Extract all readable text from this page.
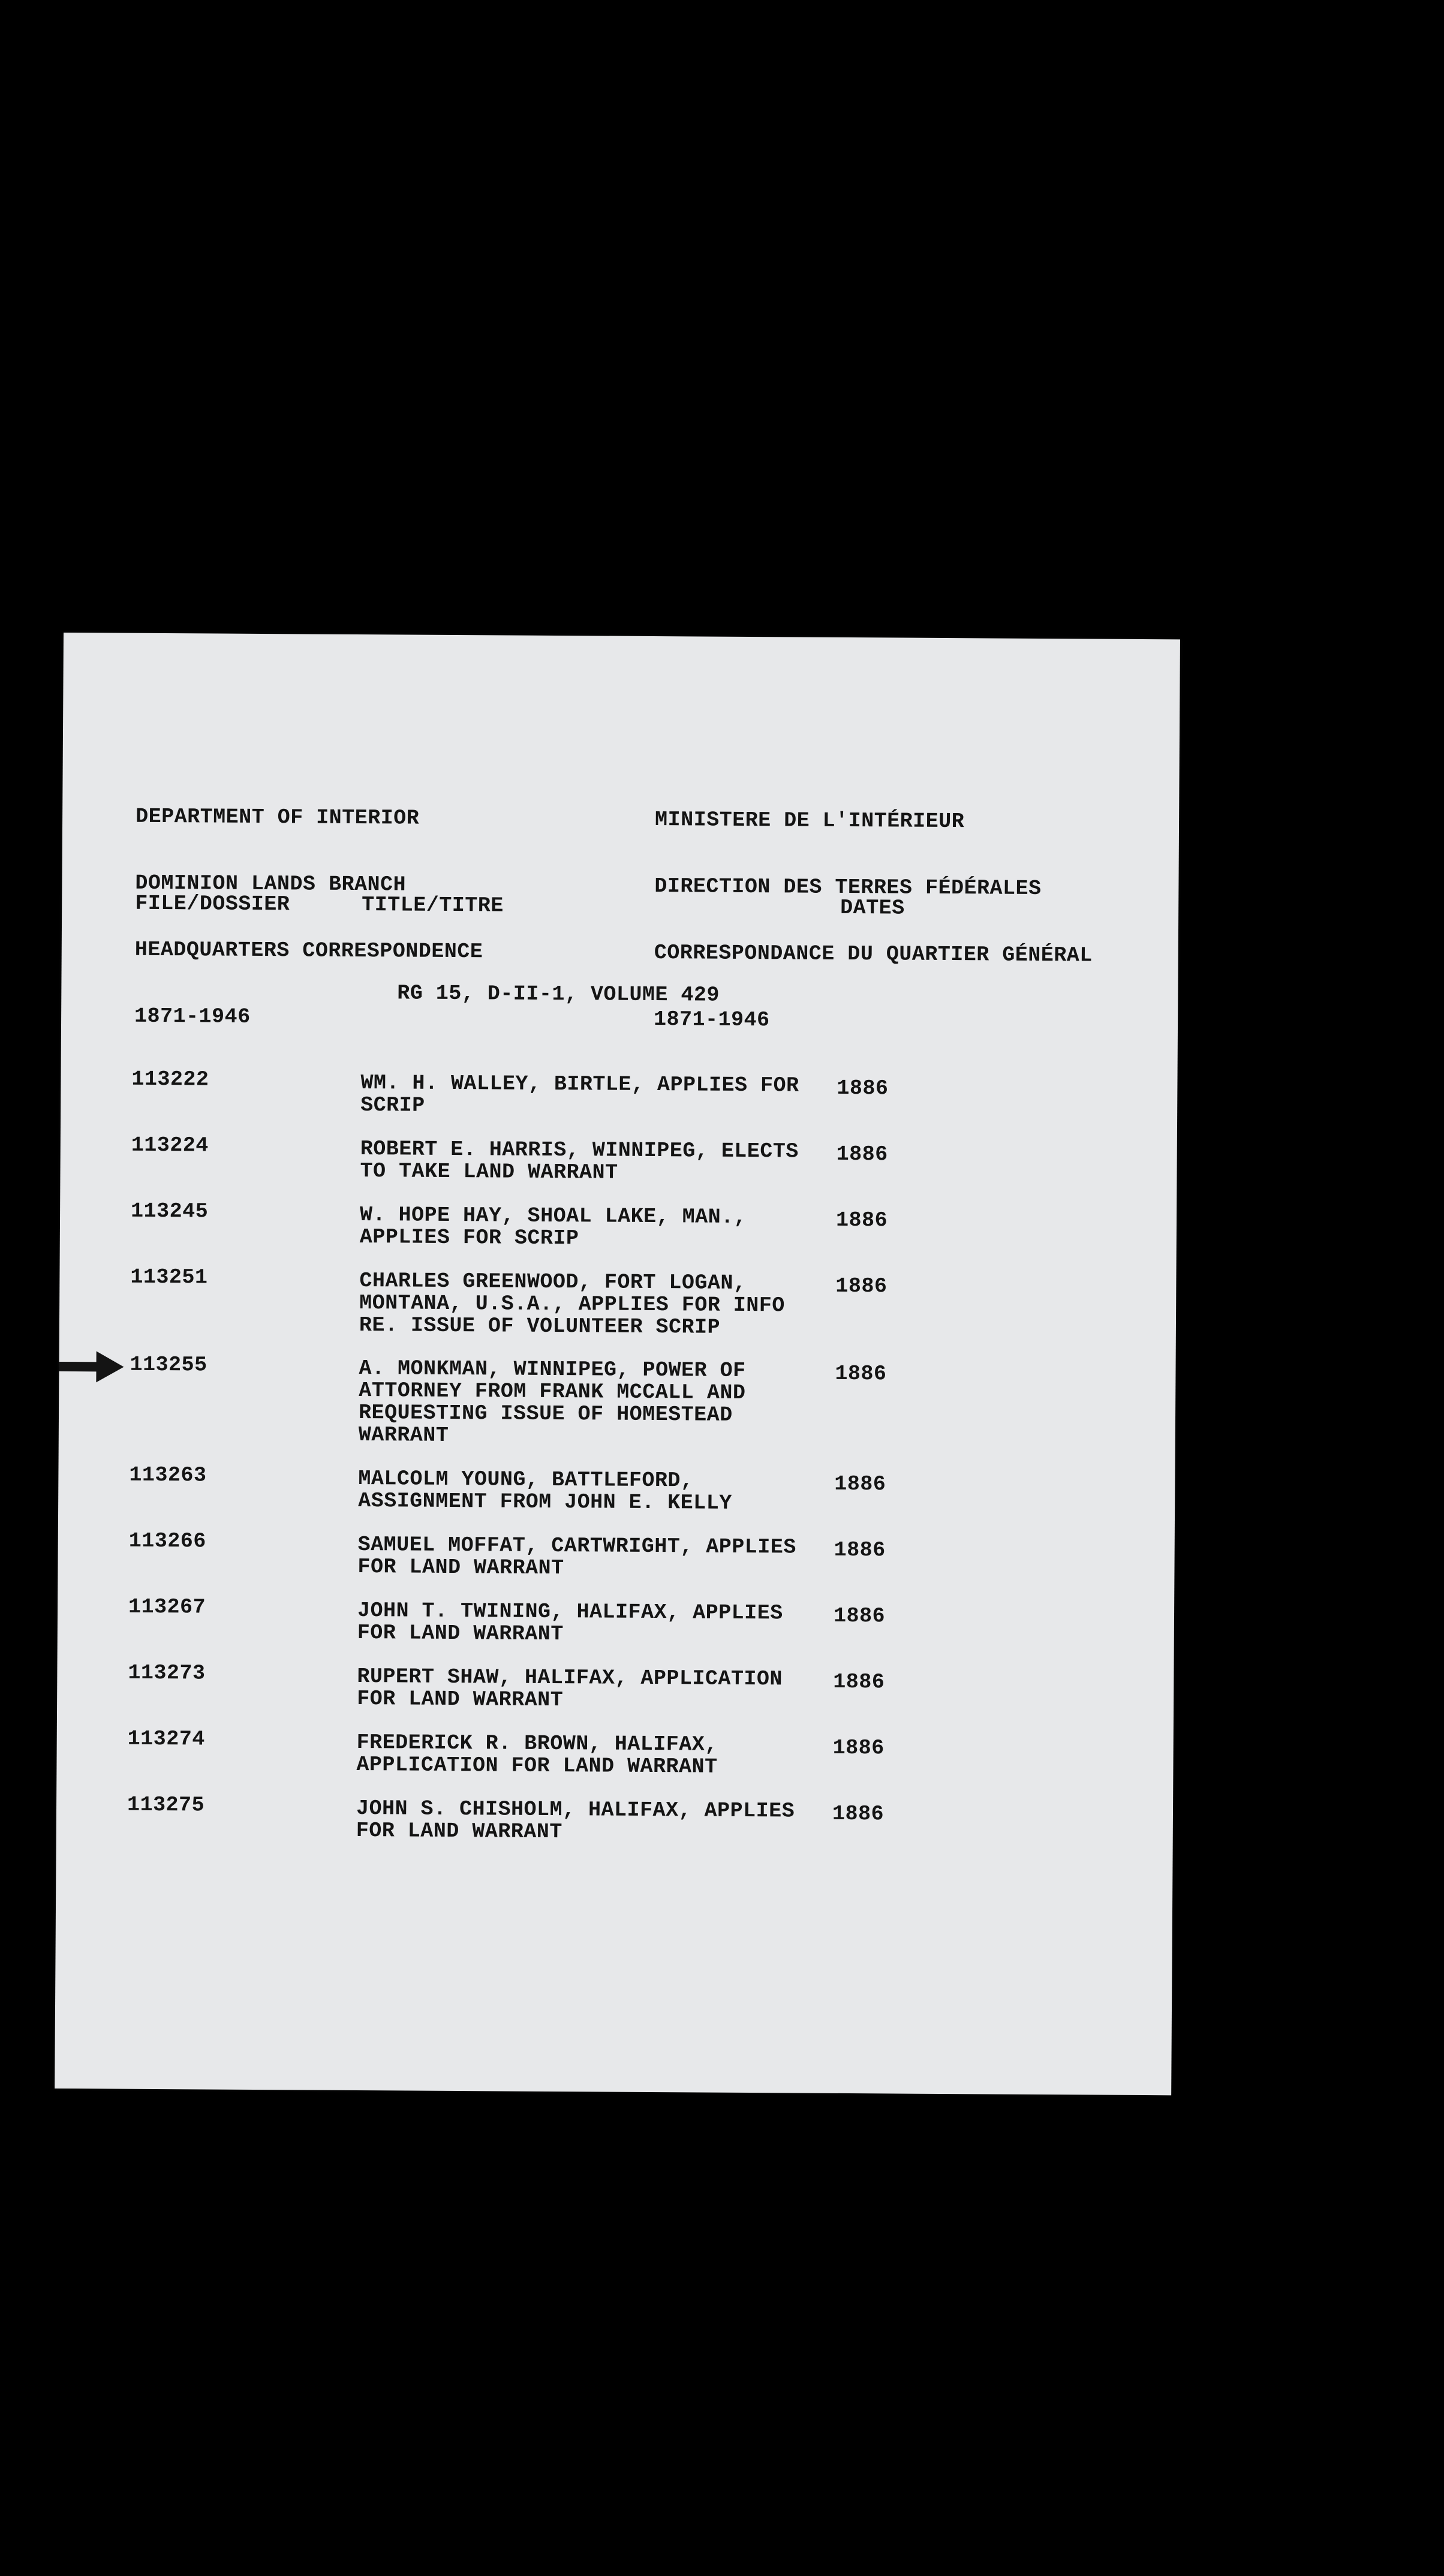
DEPARTMENT OF INTERIOR

DOMINION LANDS BRANCH

HEADQUARTERS CORRESPONDENCE

1871-1946

MINISTERE DE L'INTÉRIEUR

DIRECTION DES TERRES FÉDÉRALES

CORRESPONDANCE DU QUARTIER GÉNÉRAL

1871-1946

FILE/DOSSIER	TITLE/TITRE	DATES
RG 15, D-II-1, VOLUME 429
113222	WM. H. WALLEY, BIRTLE, APPLIES FOR
SCRIP
1886
113224	ROBERT E. HARRIS, WINNIPEG, ELECTS
TO TAKE LAND WARRANT
1886
113245	W. HOPE HAY, SHOAL LAKE, MAN.,
APPLIES FOR SCRIP
1886
113251	CHARLES GREENWOOD, FORT LOGAN,
MONTANA, U.S.A., APPLIES FOR INFO
RE. ISSUE OF VOLUNTEER SCRIP
1886
113255	A. MONKMAN, WINNIPEG, POWER OF
ATTORNEY FROM FRANK MCCALL AND
REQUESTING ISSUE OF HOMESTEAD
WARRANT
1886
113263	MALCOLM YOUNG, BATTLEFORD,
ASSIGNMENT FROM JOHN E. KELLY
1886
113266	SAMUEL MOFFAT, CARTWRIGHT, APPLIES
FOR LAND WARRANT
1886
113267	JOHN T. TWINING, HALIFAX, APPLIES
FOR LAND WARRANT
1886
113273	RUPERT SHAW, HALIFAX, APPLICATION
FOR LAND WARRANT
1886
113274	FREDERICK R. BROWN, HALIFAX,
APPLICATION FOR LAND WARRANT
1886
113275	JOHN S. CHISHOLM, HALIFAX, APPLIES
FOR LAND WARRANT
1886
